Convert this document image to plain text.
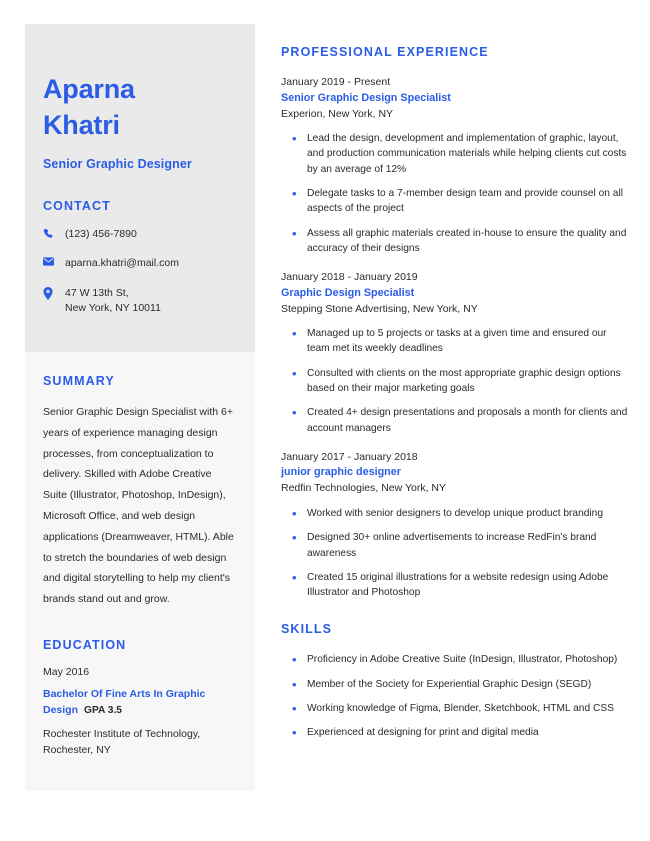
Aparna
Khatri
Senior Graphic Designer
CONTACT
(123) 456-7890
aparna.khatri@mail.com
47 W 13th St,
New York, NY 10011
SUMMARY
Senior Graphic Design Specialist with 6+ years of experience managing design processes, from conceptualization to delivery. Skilled with Adobe Creative Suite (Illustrator, Photoshop, InDesign), Microsoft Office, and web design applications (Dreamweaver, HTML). Able to stretch the boundaries of web design and digital storytelling to help my client's brands stand out and grow.
EDUCATION
May 2016
Bachelor Of Fine Arts In Graphic Design GPA 3.5
Rochester Institute of Technology,
Rochester, NY
PROFESSIONAL EXPERIENCE
January 2019 - Present
Senior Graphic Design Specialist
Experion, New York, NY
• Lead the design, development and implementation of graphic, layout, and production communication materials while helping clients cut costs by an average of 12%
• Delegate tasks to a 7-member design team and provide counsel on all aspects of the project
• Assess all graphic materials created in-house to ensure the quality and accuracy of their designs
January 2018 - January 2019
Graphic Design Specialist
Stepping Stone Advertising, New York, NY
• Managed up to 5 projects or tasks at a given time and ensured our team met its weekly deadlines
• Consulted with clients on the most appropriate graphic design options based on their major marketing goals
• Created 4+ design presentations and proposals a month for clients and account managers
January 2017 - January 2018
junior graphic designer
Redfin Technologies, New York, NY
• Worked with senior designers to develop unique product branding
• Designed 30+ online advertisements to increase RedFin's brand awareness
• Created 15 original illustrations for a website redesign using Adobe Illustrator and Photoshop
SKILLS
• Proficiency in Adobe Creative Suite (InDesign, Illustrator, Photoshop)
• Member of the Society for Experiential Graphic Design (SEGD)
• Working knowledge of Figma, Blender, Sketchbook, HTML and CSS
• Experienced at designing for print and digital media
